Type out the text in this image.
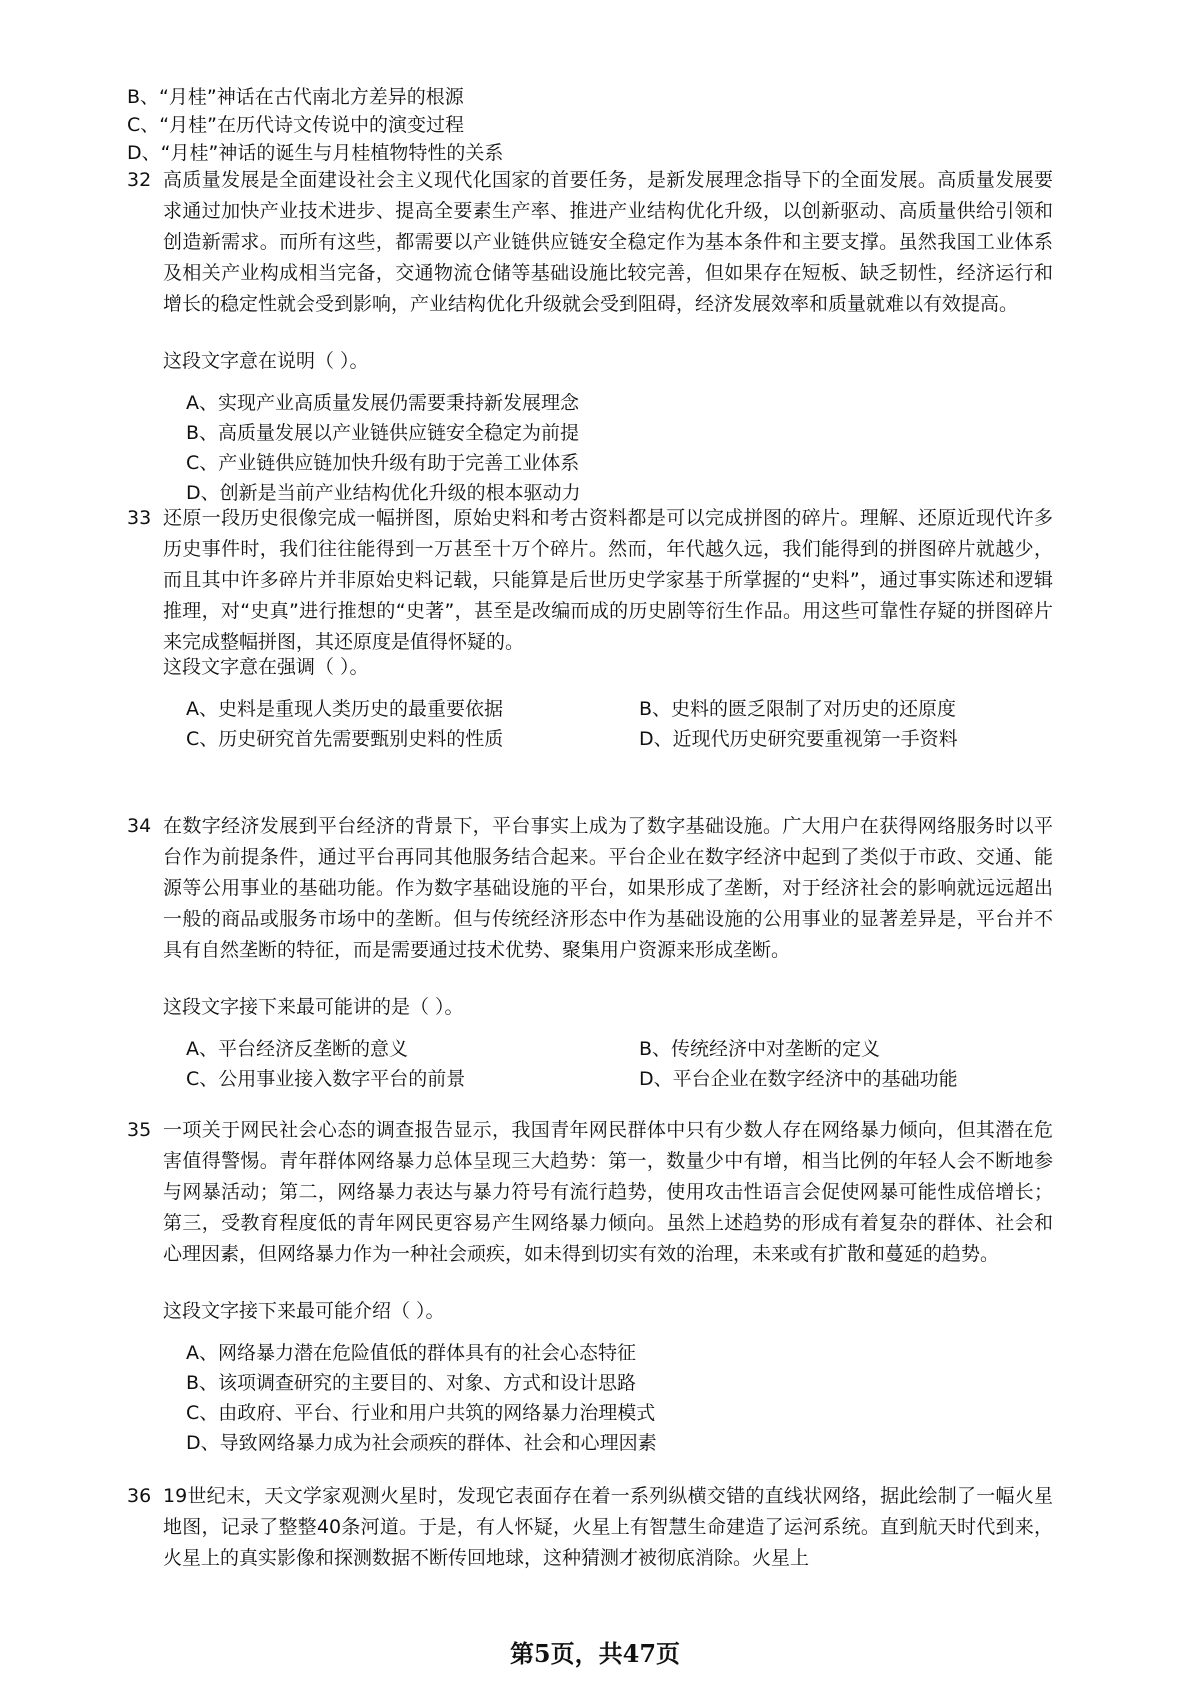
B、“月桂”神话在古代南北方差异的根源
C、“月桂”在历代诗文传说中的演变过程
D、“月桂”神话的诞生与月桂植物特性的关系
32 高质量发展是全面建设社会主义现代化国家的首要任务，是新发展理念指导下的全面发展。高质量发展要求通过加快产业技术进步、提高全要素生产率、推进产业结构优化升级，以创新驱动、高质量供给引领和创造新需求。而所有这些，都需要以产业链供应链安全稳定作为基本条件和主要支撑。虽然我国工业体系及相关产业构成相当完备，交通物流仓储等基础设施比较完善，但如果存在短板、缺乏韧性，经济运行和增长的稳定性就会受到影响，产业结构优化升级就会受到阻碍，经济发展效率和质量就难以有效提高。
这段文字意在说明（ ）。
A、实现产业高质量发展仍需要秉持新发展理念
B、高质量发展以产业链供应链安全稳定为前提
C、产业链供应链加快升级有助于完善工业体系
D、创新是当前产业结构优化升级的根本驱动力
33 还原一段历史很像完成一幅拼图，原始史料和考古资料都是可以完成拼图的碎片。理解、还原近现代许多历史事件时，我们往往能得到一万甚至十万个碎片。然而，年代越久远，我们能得到的拼图碎片就越少，而且其中许多碎片并非原始史料记载，只能算是后世历史学家基于所掌握的“史料”，通过事实陈述和逻辑推理，对“史真”进行推想的“史著”，甚至是改编而成的历史剧等衍生作品。用这些可靠性存疑的拼图碎片来完成整幅拼图，其还原度是值得怀疑的。
这段文字意在强调（ ）。
A、史料是重现人类历史的最重要依据	B、史料的匮乏限制了对历史的还原度
C、历史研究首先需要甄别史料的性质	D、近现代历史研究要重视第一手资料
34 在数字经济发展到平台经济的背景下，平台事实上成为了数字基础设施。广大用户在获得网络服务时以平台作为前提条件，通过平台再同其他服务结合起来。平台企业在数字经济中起到了类似于市政、交通、能源等公用事业的基础功能。作为数字基础设施的平台，如果形成了垄断，对于经济社会的影响就远远超出一般的商品或服务市场中的垄断。但与传统经济形态中作为基础设施的公用事业的显著差异是，平台并不具有自然垄断的特征，而是需要通过技术优势、聚集用户资源来形成垄断。
这段文字接下来最可能讲的是（ ）。
A、平台经济反垄断的意义	B、传统经济中对垄断的定义
C、公用事业接入数字平台的前景	D、平台企业在数字经济中的基础功能
35 一项关于网民社会心态的调查报告显示，我国青年网民群体中只有少数人存在网络暴力倾向，但其潜在危害值得警惕。青年群体网络暴力总体呈现三大趋势：第一，数量少中有增，相当比例的年轻人会不断地参与网暴活动；第二，网络暴力表达与暴力符号有流行趋势，使用攻击性语言会促使网暴可能性成倍增长；第三，受教育程度低的青年网民更容易产生网络暴力倾向。虽然上述趋势的形成有着复杂的群体、社会和心理因素，但网络暴力作为一种社会顽疾，如未得到切实有效的治理，未来或有扩散和蔓延的趋势。
这段文字接下来最可能介绍（ ）。
A、网络暴力潜在危险值低的群体具有的社会心态特征
B、该项调查研究的主要目的、对象、方式和设计思路
C、由政府、平台、行业和用户共筑的网络暴力治理模式
D、导致网络暴力成为社会顽疾的群体、社会和心理因素
36 19世纪末，天文学家观测火星时，发现它表面存在着一系列纵横交错的直线状网络，据此绘制了一幅火星地图，记录了整整40条河道。于是，有人怀疑，火星上有智慧生命建造了运河系统。直到航天时代到来，火星上的真实影像和探测数据不断传回地球，这种猜测才被彻底消除。火星上
第5页，共47页
